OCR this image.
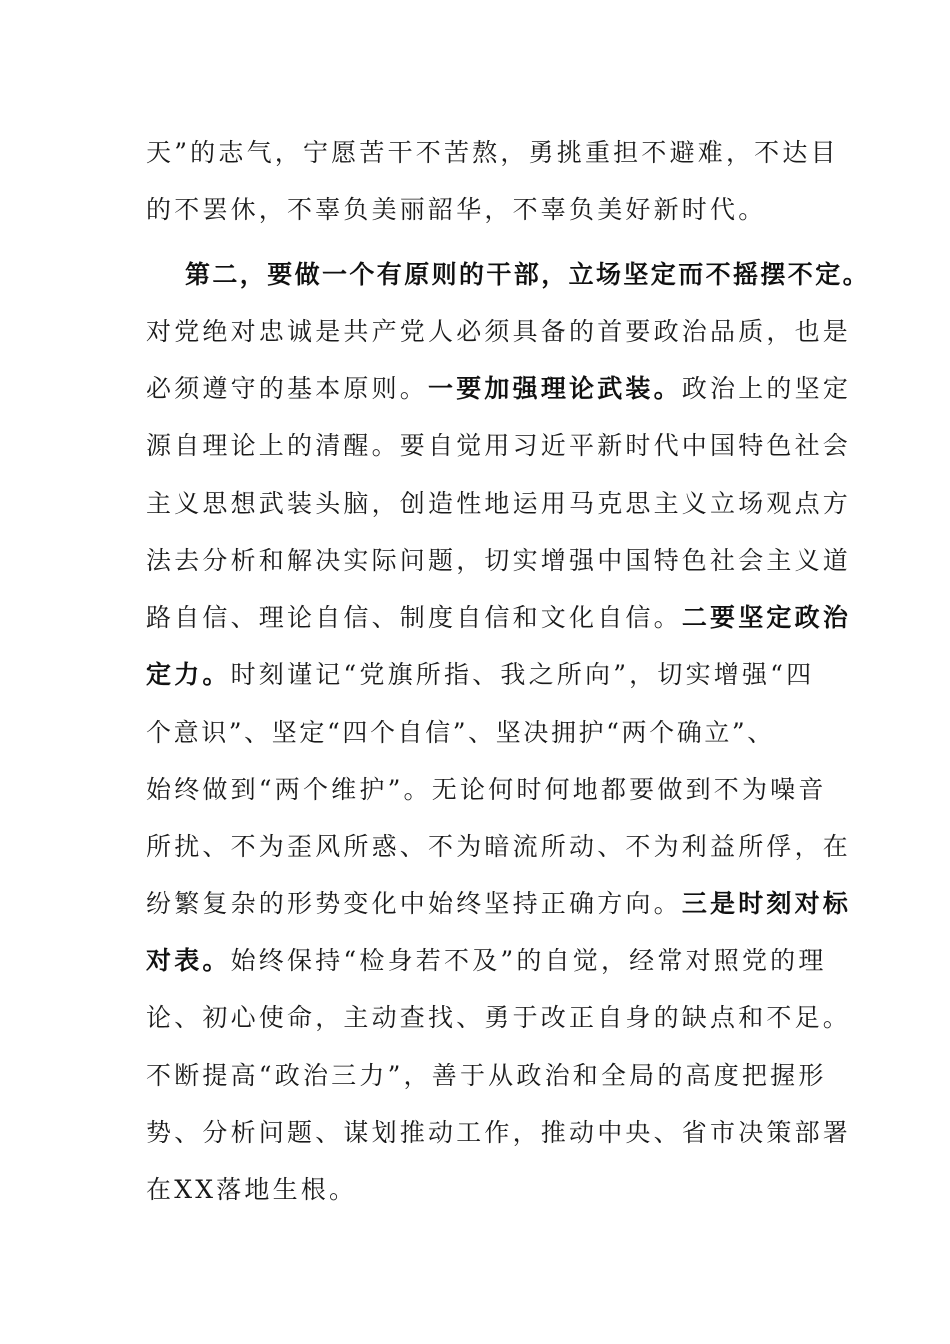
天”的志气，宁愿苦干不苦熬，勇挑重担不避难，不达目
的不罢休，不辜负美丽韶华，不辜负美好新时代。
第二，要做一个有原则的干部，立场坚定而不摇摆不定。
对党绝对忠诚是共产党人必须具备的首要政治品质，也是
必须遵守的基本原则。一要加强理论武装。政治上的坚定
源自理论上的清醒。要自觉用习近平新时代中国特色社会
主义思想武装头脑，创造性地运用马克思主义立场观点方
法去分析和解决实际问题，切实增强中国特色社会主义道
路自信、理论自信、制度自信和文化自信。二要坚定政治
定力。时刻谨记“党旗所指、我之所向”，切实增强“四
个意识”、坚定“四个自信”、坚决拥护“两个确立”、
始终做到“两个维护”。无论何时何地都要做到不为噪音
所扰、不为歪风所惑、不为暗流所动、不为利益所俘，在
纷繁复杂的形势变化中始终坚持正确方向。三是时刻对标
对表。始终保持“检身若不及”的自觉，经常对照党的理
论、初心使命，主动查找、勇于改正自身的缺点和不足。
不断提高“政治三力”，善于从政治和全局的高度把握形
势、分析问题、谋划推动工作，推动中央、省市决策部署
在XX落地生根。
